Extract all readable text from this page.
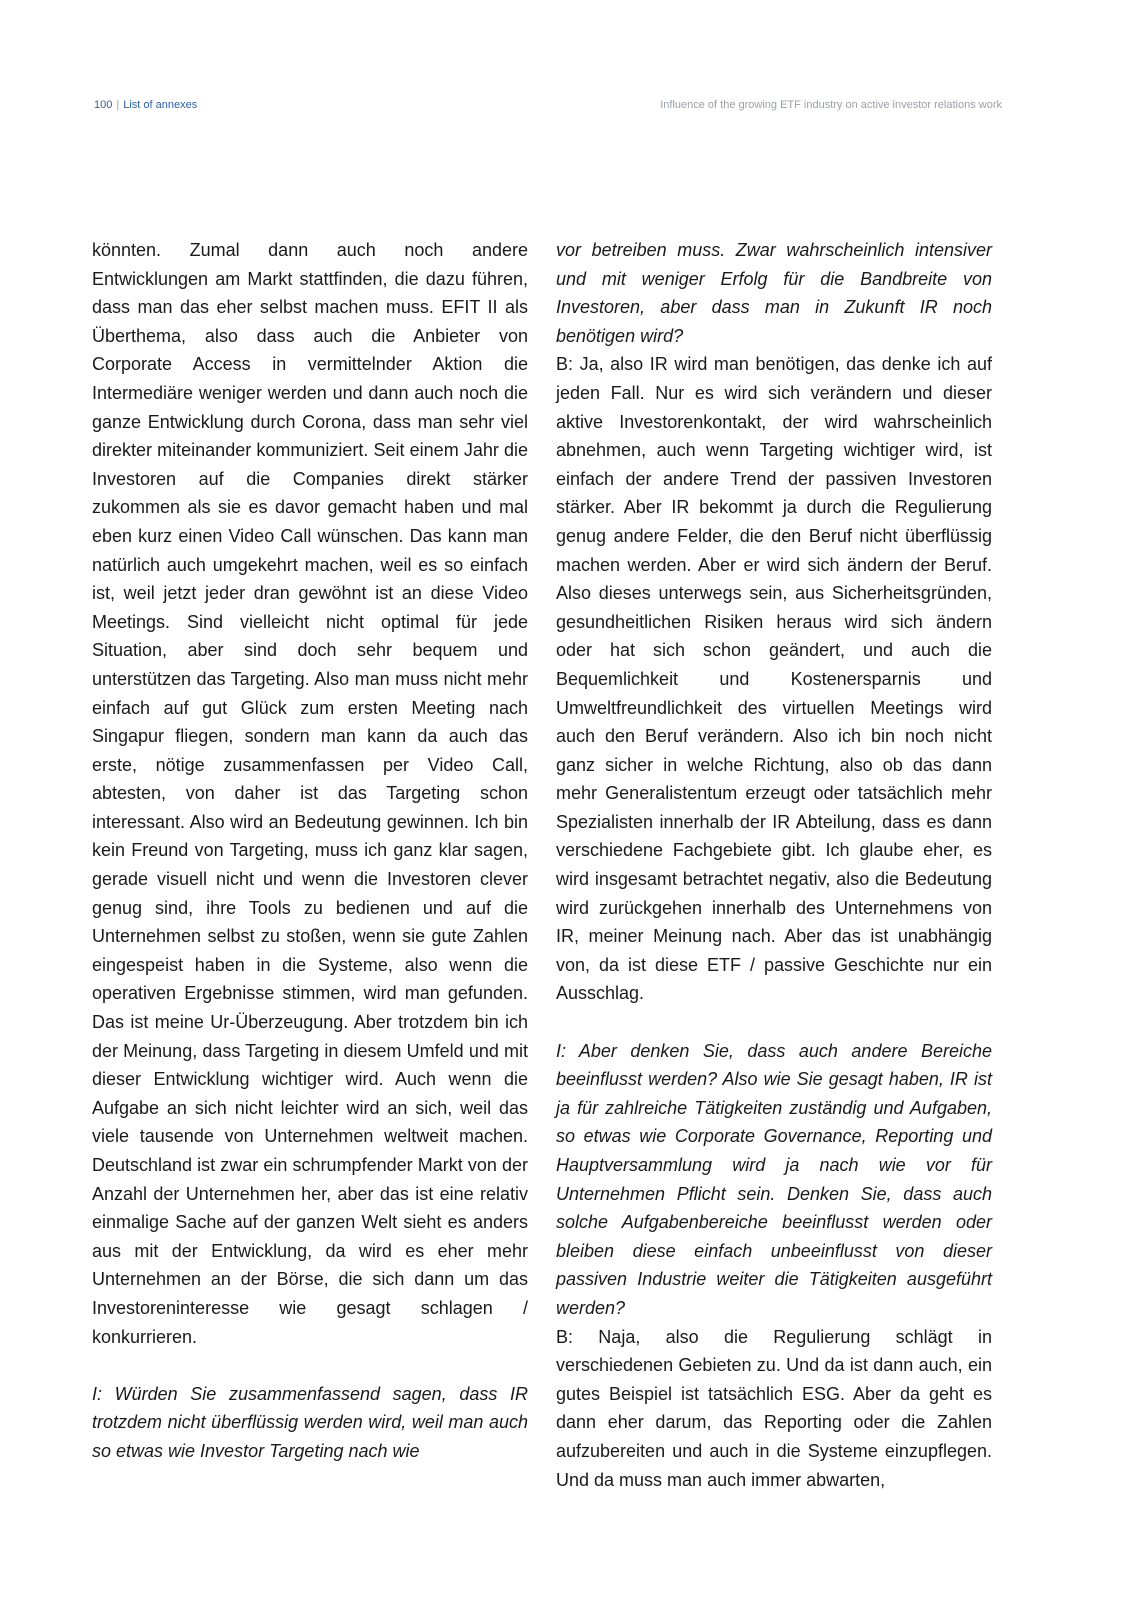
100 | List of annexes	Influence of the growing ETF industry on active investor relations work

könnten. Zumal dann auch noch andere Entwicklungen am Markt stattfinden, die dazu führen, dass man das eher selbst machen muss. EFIT II als Überthema, also dass auch die Anbieter von Corporate Access in vermittelnder Aktion die Intermediäre weniger werden und dann auch noch die ganze Entwicklung durch Corona, dass man sehr viel direkter miteinander kommuniziert. Seit einem Jahr die Investoren auf die Companies direkt stärker zukommen als sie es davor gemacht haben und mal eben kurz einen Video Call wünschen. Das kann man natürlich auch umgekehrt machen, weil es so einfach ist, weil jetzt jeder dran gewöhnt ist an diese Video Meetings. Sind vielleicht nicht optimal für jede Situation, aber sind doch sehr bequem und unterstützen das Targeting. Also man muss nicht mehr einfach auf gut Glück zum ersten Meeting nach Singapur fliegen, sondern man kann da auch das erste, nötige zusammenfassen per Video Call, abtesten, von daher ist das Targeting schon interessant. Also wird an Bedeutung gewinnen. Ich bin kein Freund von Targeting, muss ich ganz klar sagen, gerade visuell nicht und wenn die Investoren clever genug sind, ihre Tools zu bedienen und auf die Unternehmen selbst zu stoßen, wenn sie gute Zahlen eingespeist haben in die Systeme, also wenn die operativen Ergebnisse stimmen, wird man gefunden. Das ist meine Ur-Überzeugung. Aber trotzdem bin ich der Meinung, dass Targeting in diesem Umfeld und mit dieser Entwicklung wichtiger wird. Auch wenn die Aufgabe an sich nicht leichter wird an sich, weil das viele tausende von Unternehmen weltweit machen. Deutschland ist zwar ein schrumpfender Markt von der Anzahl der Unternehmen her, aber das ist eine relativ einmalige Sache auf der ganzen Welt sieht es anders aus mit der Entwicklung, da wird es eher mehr Unternehmen an der Börse, die sich dann um das Investoreninteresse wie gesagt schlagen / konkurrieren.

I: Würden Sie zusammenfassend sagen, dass IR trotzdem nicht überflüssig werden wird, weil man auch so etwas wie Investor Targeting nach wie

vor betreiben muss. Zwar wahrscheinlich intensiver und mit weniger Erfolg für die Bandbreite von Investoren, aber dass man in Zukunft IR noch benötigen wird?

B: Ja, also IR wird man benötigen, das denke ich auf jeden Fall. Nur es wird sich verändern und dieser aktive Investorenkontakt, der wird wahrscheinlich abnehmen, auch wenn Targeting wichtiger wird, ist einfach der andere Trend der passiven Investoren stärker. Aber IR bekommt ja durch die Regulierung genug andere Felder, die den Beruf nicht überflüssig machen werden. Aber er wird sich ändern der Beruf. Also dieses unterwegs sein, aus Sicherheitsgründen, gesundheitlichen Risiken heraus wird sich ändern oder hat sich schon geändert, und auch die Bequemlichkeit und Kostenersparnis und Umweltfreundlichkeit des virtuellen Meetings wird auch den Beruf verändern. Also ich bin noch nicht ganz sicher in welche Richtung, also ob das dann mehr Generalistentum erzeugt oder tatsächlich mehr Spezialisten innerhalb der IR Abteilung, dass es dann verschiedene Fachgebiete gibt. Ich glaube eher, es wird insgesamt betrachtet negativ, also die Bedeutung wird zurückgehen innerhalb des Unternehmens von IR, meiner Meinung nach. Aber das ist unabhängig von, da ist diese ETF / passive Geschichte nur ein Ausschlag.

I: Aber denken Sie, dass auch andere Bereiche beeinflusst werden? Also wie Sie gesagt haben, IR ist ja für zahlreiche Tätigkeiten zuständig und Aufgaben, so etwas wie Corporate Governance, Reporting und Hauptversammlung wird ja nach wie vor für Unternehmen Pflicht sein. Denken Sie, dass auch solche Aufgabenbereiche beeinflusst werden oder bleiben diese einfach unbeeinflusst von dieser passiven Industrie weiter die Tätigkeiten ausgeführt werden?

B: Naja, also die Regulierung schlägt in verschiedenen Gebieten zu. Und da ist dann auch, ein gutes Beispiel ist tatsächlich ESG. Aber da geht es dann eher darum, das Reporting oder die Zahlen aufzubereiten und auch in die Systeme einzupflegen. Und da muss man auch immer abwarten,
